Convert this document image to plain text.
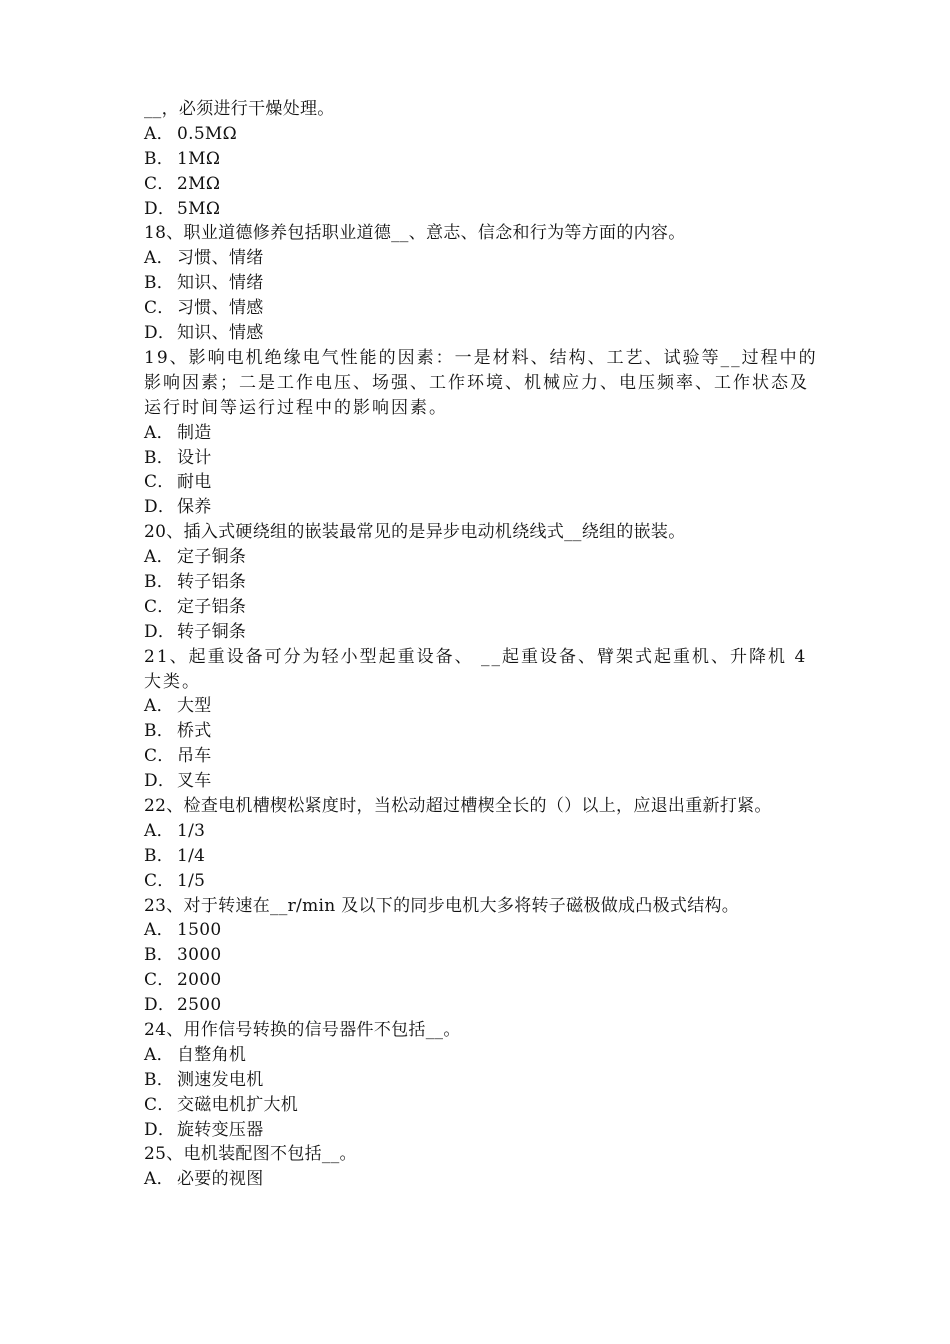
__，必须进行干燥处理。
A． 0.5MΩ
B． 1MΩ
C． 2MΩ
D． 5MΩ
18、职业道德修养包括职业道德__、意志、信念和行为等方面的内容。
A． 习惯、情绪
B． 知识、情绪
C． 习惯、情感
D． 知识、情感
19、影响电机绝缘电气性能的因素：一是材料、结构、工艺、试验等__过程中的影响因素；二是工作电压、场强、工作环境、机械应力、电压频率、工作状态及运行时间等运行过程中的影响因素。
A． 制造
B． 设计
C． 耐电
D． 保养
20、插入式硬绕组的嵌装最常见的是异步电动机绕线式__绕组的嵌装。
A． 定子铜条
B． 转子铝条
C． 定子铝条
D． 转子铜条
21、起重设备可分为轻小型起重设备、 __起重设备、臂架式起重机、升降机 4 大类。
A． 大型
B． 桥式
C． 吊车
D． 叉车
22、检查电机槽楔松紧度时，当松动超过槽楔全长的（）以上，应退出重新打紧。
A． 1/3
B． 1/4
C． 1/5
23、对于转速在__r/min 及以下的同步电机大多将转子磁极做成凸极式结构。
A． 1500
B． 3000
C． 2000
D． 2500
24、用作信号转换的信号器件不包括__。
A． 自整角机
B． 测速发电机
C． 交磁电机扩大机
D． 旋转变压器
25、电机装配图不包括__。
A． 必要的视图
